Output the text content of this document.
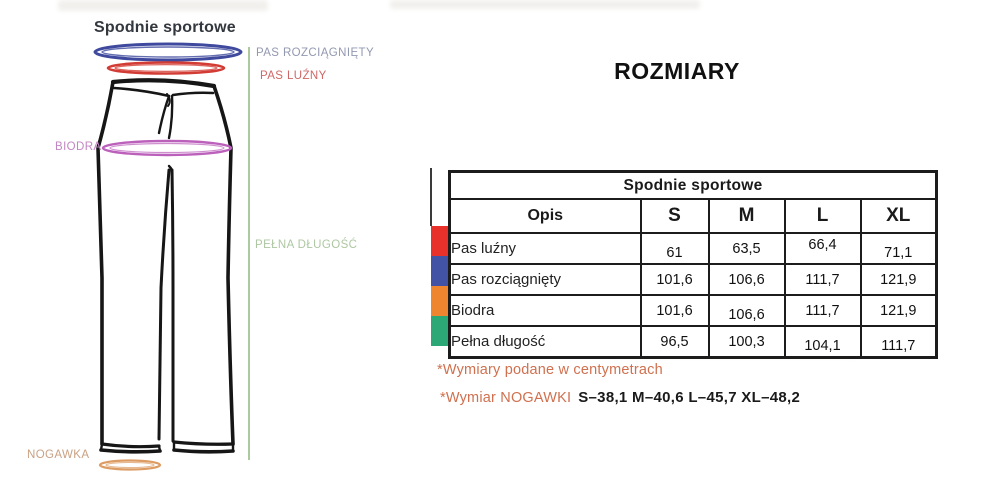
Spodnie sportowe
PAS ROZCIĄGNIĘTY
PAS LUŹNY
BIODRA
PEŁNA DŁUGOŚĆ
NOGAWKA
ROZMIARY
Spodnie sportowe				
Opis	S	M	L	XL
Pas luźny	61	63,5	66,4	71,1
Pas rozciągnięty	101,6	106,6	111,7	121,9
Biodra	101,6	106,6	111,7	121,9
Pełna długość	96,5	100,3	104,1	111,7
*Wymiary podane w centymetrach
*Wymiar NOGAWKI S–38,1 M–40,6 L–45,7 XL–48,2
